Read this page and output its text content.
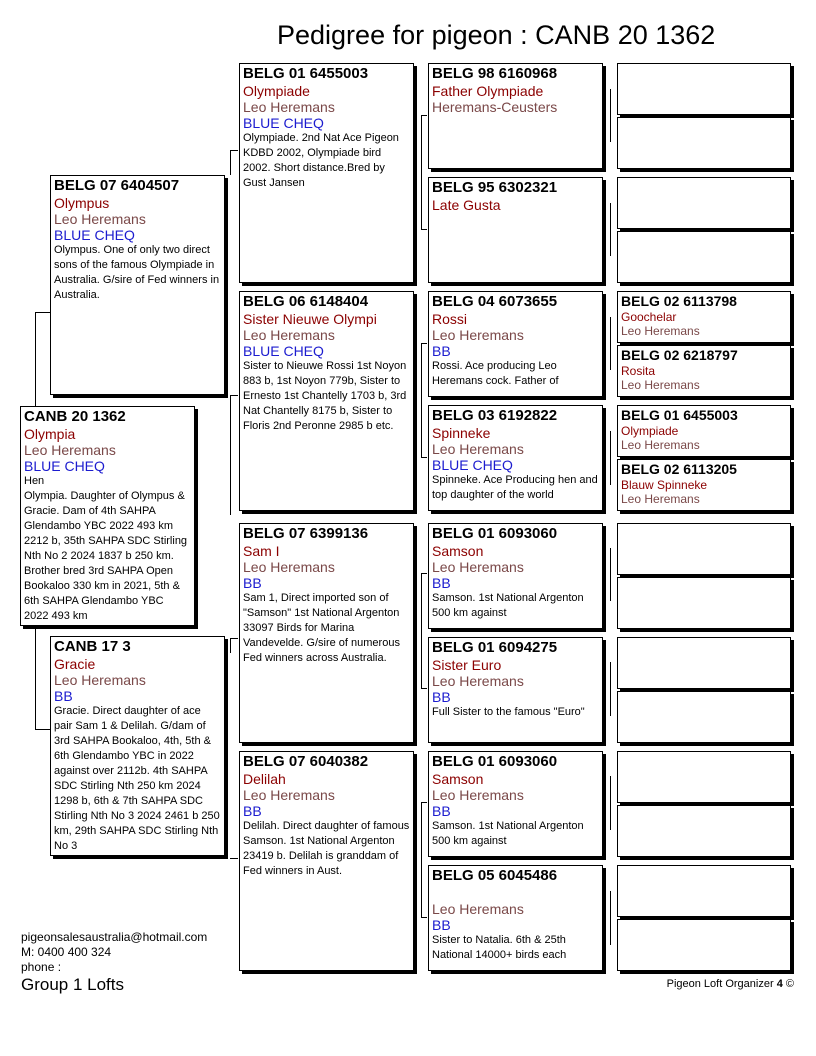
Pedigree for pigeon : CANB 20 1362
CANB 20 1362
Olympia
Leo Heremans
BLUE CHEQ
Hen
Olympia. Daughter of Olympus & Gracie. Dam of 4th SAHPA Glendambo YBC 2022 493 km 2212 b, 35th SAHPA SDC Stirling Nth No 2 2024 1837 b 250 km. Brother bred 3rd SAHPA Open Bookaloo 330 km in 2021, 5th & 6th SAHPA Glendambo YBC 2022 493 km
BELG 07 6404507
Olympus
Leo Heremans
BLUE CHEQ
Olympus. One of only two direct sons of the famous Olympiade in Australia. G/sire of Fed winners in Australia.
CANB 17 3
Gracie
Leo Heremans
BB
Gracie. Direct daughter of ace pair Sam 1 & Delilah. G/dam of 3rd SAHPA Bookaloo, 4th, 5th & 6th Glendambo YBC in 2022 against over 2112b. 4th SAHPA SDC Stirling Nth 250 km 2024 1298 b, 6th & 7th SAHPA SDC Stirling Nth No 3 2024 2461 b 250 km, 29th SAHPA SDC Stirling Nth No 3
BELG 01 6455003
Olympiade
Leo Heremans
BLUE CHEQ
Olympiade. 2nd Nat Ace Pigeon KDBD 2002, Olympiade bird 2002. Short distance.Bred by Gust Jansen
BELG 06 6148404
Sister Nieuwe Olympi
Leo Heremans
BLUE CHEQ
Sister to Nieuwe Rossi 1st Noyon 883 b, 1st Noyon 779b, Sister to Ernesto 1st Chantelly 1703 b, 3rd Nat Chantelly 8175 b, Sister to Floris 2nd Peronne 2985 b etc.
BELG 07 6399136
Sam I
Leo Heremans
BB
Sam 1, Direct imported son of "Samson" 1st National Argenton 33097 Birds for Marina Vandevelde. G/sire of numerous Fed winners across Australia.
BELG 07 6040382
Delilah
Leo Heremans
BB
Delilah. Direct daughter of famous Samson. 1st National Argenton 23419 b. Delilah is granddam of Fed winners in Aust.
BELG 98 6160968
Father Olympiade
Heremans-Ceusters
BELG 95 6302321
Late Gusta
BELG 04 6073655
Rossi
Leo Heremans
BB
Rossi. Ace producing Leo Heremans cock. Father of
BELG 03 6192822
Spinneke
Leo Heremans
BLUE CHEQ
Spinneke. Ace Producing hen and top daughter of the world
BELG 01 6093060
Samson
Leo Heremans
BB
Samson. 1st National Argenton 500 km against
BELG 01 6094275
Sister Euro
Leo Heremans
BB
Full Sister to the famous "Euro"
BELG 01 6093060
Samson
Leo Heremans
BB
Samson. 1st National Argenton 500 km against
BELG 05 6045486
Leo Heremans
BB
Sister to Natalia. 6th & 25th National 14000+ birds each
BELG 02 6113798
Goochelar
Leo Heremans
BELG 02 6218797
Rosita
Leo Heremans
BELG 01 6455003
Olympiade
Leo Heremans
BELG 02 6113205
Blauw Spinneke
Leo Heremans
pigeonsalesaustralia@hotmail.com
M: 0400 400 324
phone :
Group 1 Lofts	Pigeon Loft Organizer 4 ©
